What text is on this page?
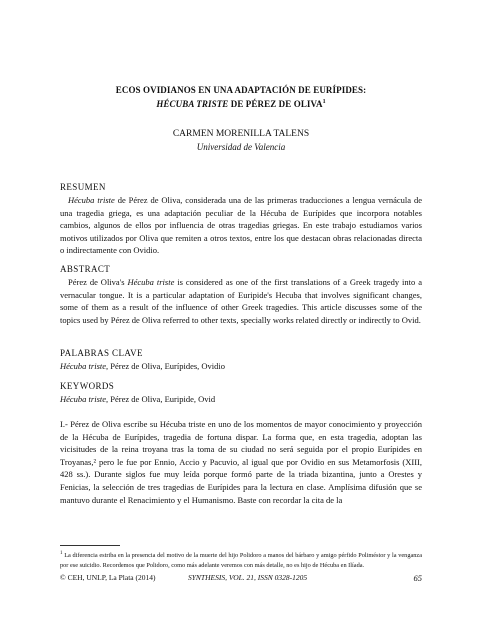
ECOS OVIDIANOS EN UNA ADAPTACIÓN DE EURÍPIDES:
HÉCUBA TRISTE DE PÉREZ DE OLIVA$^1$
CARMEN MORENILLA TALENS
Universidad de Valencia
RESUMEN
Hécuba triste de Pérez de Oliva, considerada una de las primeras traducciones a lengua vernácula de una tragedia griega, es una adaptación peculiar de la Hécuba de Eurípides que incorpora notables cambios, algunos de ellos por influencia de otras tragedias griegas. En este trabajo estudiamos varios motivos utilizados por Oliva que remiten a otros textos, entre los que destacan obras relacionadas directa o indirectamente con Ovidio.
ABSTRACT
Pérez de Oliva's Hécuba triste is considered as one of the first translations of a Greek tragedy into a vernacular tongue. It is a particular adaptation of Euripide's Hecuba that involves significant changes, some of them as a result of the influence of other Greek tragedies. This article discusses some of the topics used by Pérez de Oliva referred to other texts, specially works related directly or indirectly to Ovid.
PALABRAS CLAVE
Hécuba triste, Pérez de Oliva, Eurípides, Ovidio
KEYWORDS
Hécuba triste, Pérez de Oliva, Euripide, Ovid
I.- Pérez de Oliva escribe su Hécuba triste en uno de los momentos de mayor conocimiento y proyección de la Hécuba de Eurípides, tragedia de fortuna dispar. La forma que, en esta tragedia, adoptan las vicisitudes de la reina troyana tras la toma de su ciudad no será seguida por el propio Eurípides en Troyanas,² pero le fue por Ennio, Accio y Pacuvio, al igual que por Ovidio en sus Metamorfosis (XIII, 428 ss.). Durante siglos fue muy leída porque formó parte de la triada bizantina, junto a Orestes y Fenicias, la selección de tres tragedias de Eurípides para la lectura en clase. Amplísima difusión que se mantuvo durante el Renacimiento y el Humanismo. Baste con recordar la cita de la
$^1$ La diferencia estriba en la presencia del motivo de la muerte del hijo Polidoro a manos del bárbaro y amigo pérfido Poliméstor y la venganza por ese suicidio. Recordemos que Polidoro, como más adelante veremos con más detalle, no es hijo de Hécuba en Ilíada.
© CEH, UNLP, La Plata (2014)	SYNTHESIS, VOL. 21, ISSN 0328-1205	65
